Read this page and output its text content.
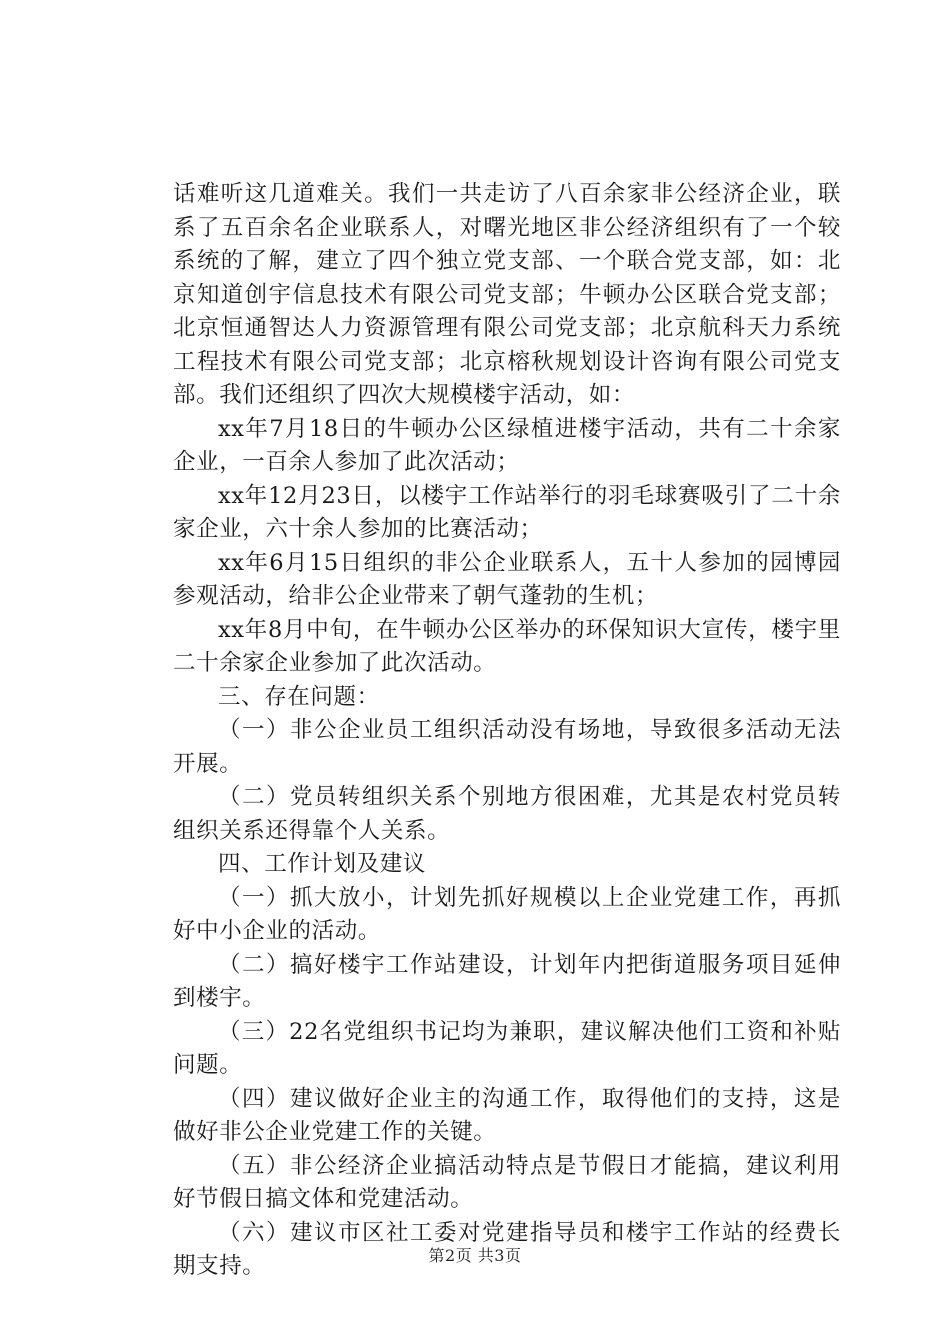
话难听这几道难关。我们一共走访了八百余家非公经济企业，联系了五百余名企业联系人，对曙光地区非公经济组织有了一个较系统的了解，建立了四个独立党支部、一个联合党支部，如：北京知道创宇信息技术有限公司党支部；牛顿办公区联合党支部；北京恒通智达人力资源管理有限公司党支部；北京航科天力系统工程技术有限公司党支部；北京榕秋规划设计咨询有限公司党支部。我们还组织了四次大规模楼宇活动，如：

xx年7月18日的牛顿办公区绿植进楼宇活动，共有二十余家企业，一百余人参加了此次活动；

xx年12月23日，以楼宇工作站举行的羽毛球赛吸引了二十余家企业，六十余人参加的比赛活动；

xx年6月15日组织的非公企业联系人，五十人参加的园博园参观活动，给非公企业带来了朝气蓬勃的生机；

xx年8月中旬，在牛顿办公区举办的环保知识大宣传，楼宇里二十余家企业参加了此次活动。

三、存在问题：

（一）非公企业员工组织活动没有场地，导致很多活动无法开展。

（二）党员转组织关系个别地方很困难，尤其是农村党员转组织关系还得靠个人关系。

四、工作计划及建议

（一）抓大放小，计划先抓好规模以上企业党建工作，再抓好中小企业的活动。

（二）搞好楼宇工作站建设，计划年内把街道服务项目延伸到楼宇。

（三）22名党组织书记均为兼职，建议解决他们工资和补贴问题。

（四）建议做好企业主的沟通工作，取得他们的支持，这是做好非公企业党建工作的关键。

（五）非公经济企业搞活动特点是节假日才能搞，建议利用好节假日搞文体和党建活动。

（六）建议市区社工委对党建指导员和楼宇工作站的经费长期支持。	第2页 共3页
